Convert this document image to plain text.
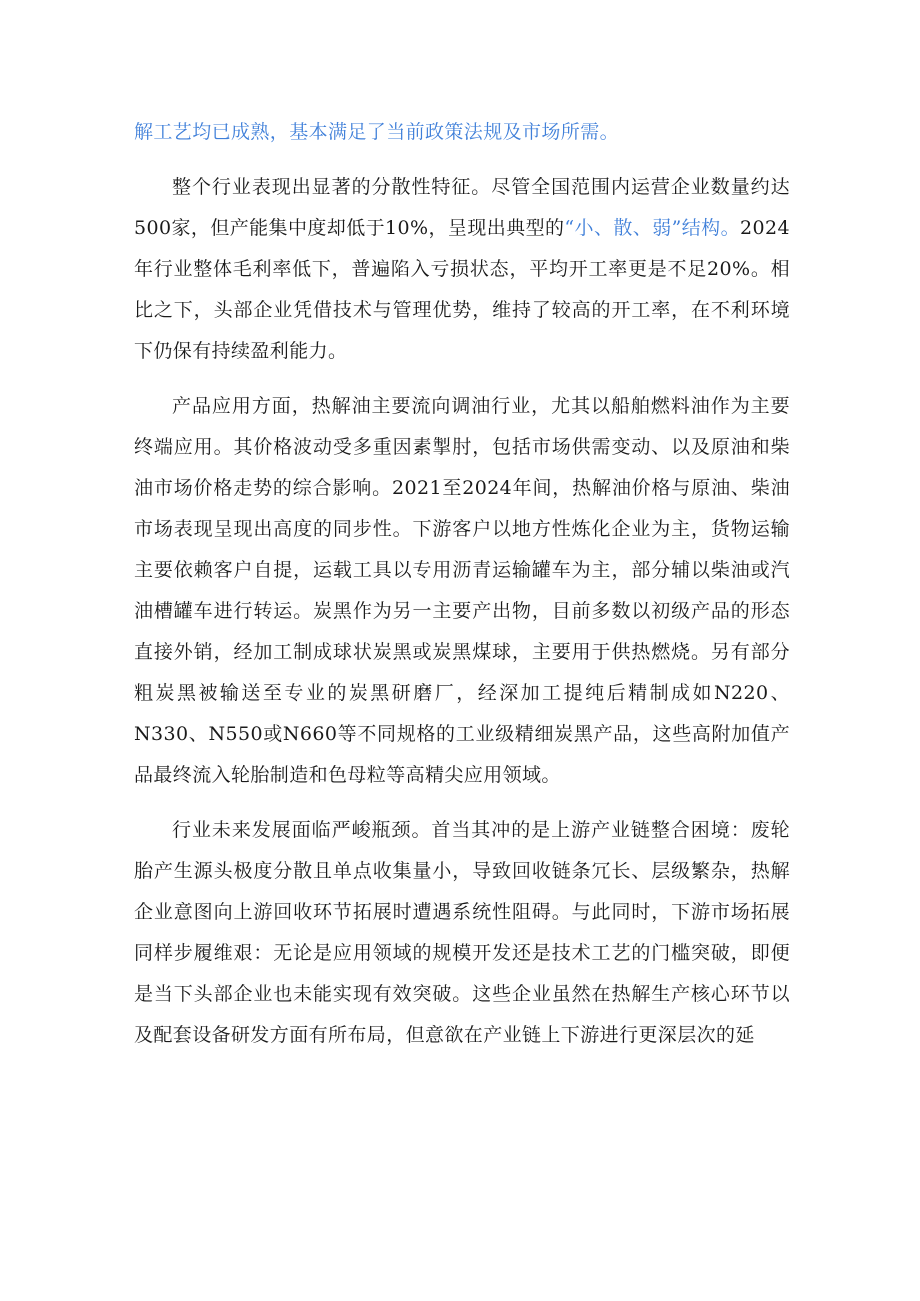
解工艺均已成熟，基本满足了当前政策法规及市场所需。

整个行业表现出显著的分散性特征。尽管全国范围内运营企业数量约达500家，但产能集中度却低于10%，呈现出典型的“小、散、弱”结构。2024年行业整体毛利率低下，普遍陷入亏损状态，平均开工率更是不足20%。相比之下，头部企业凭借技术与管理优势，维持了较高的开工率，在不利环境下仍保有持续盈利能力。

产品应用方面，热解油主要流向调油行业，尤其以船舶燃料油作为主要终端应用。其价格波动受多重因素掣肘，包括市场供需变动、以及原油和柴油市场价格走势的综合影响。2021至2024年间，热解油价格与原油、柴油市场表现呈现出高度的同步性。下游客户以地方性炼化企业为主，货物运输主要依赖客户自提，运载工具以专用沥青运输罐车为主，部分辅以柴油或汽油槽罐车进行转运。炭黑作为另一主要产出物，目前多数以初级产品的形态直接外销，经加工制成球状炭黑或炭黑煤球，主要用于供热燃烧。另有部分粗炭黑被输送至专业的炭黑研磨厂，经深加工提纯后精制成如N220、N330、N550或N660等不同规格的工业级精细炭黑产品，这些高附加值产品最终流入轮胎制造和色母粒等高精尖应用领域。

行业未来发展面临严峻瓶颈。首当其冲的是上游产业链整合困境：废轮胎产生源头极度分散且单点收集量小，导致回收链条冗长、层级繁杂，热解企业意图向上游回收环节拓展时遭遇系统性阻碍。与此同时，下游市场拓展同样步履维艰：无论是应用领域的规模开发还是技术工艺的门槛突破，即便是当下头部企业也未能实现有效突破。这些企业虽然在热解生产核心环节以及配套设备研发方面有所布局，但意欲在产业链上下游进行更深层次的延
